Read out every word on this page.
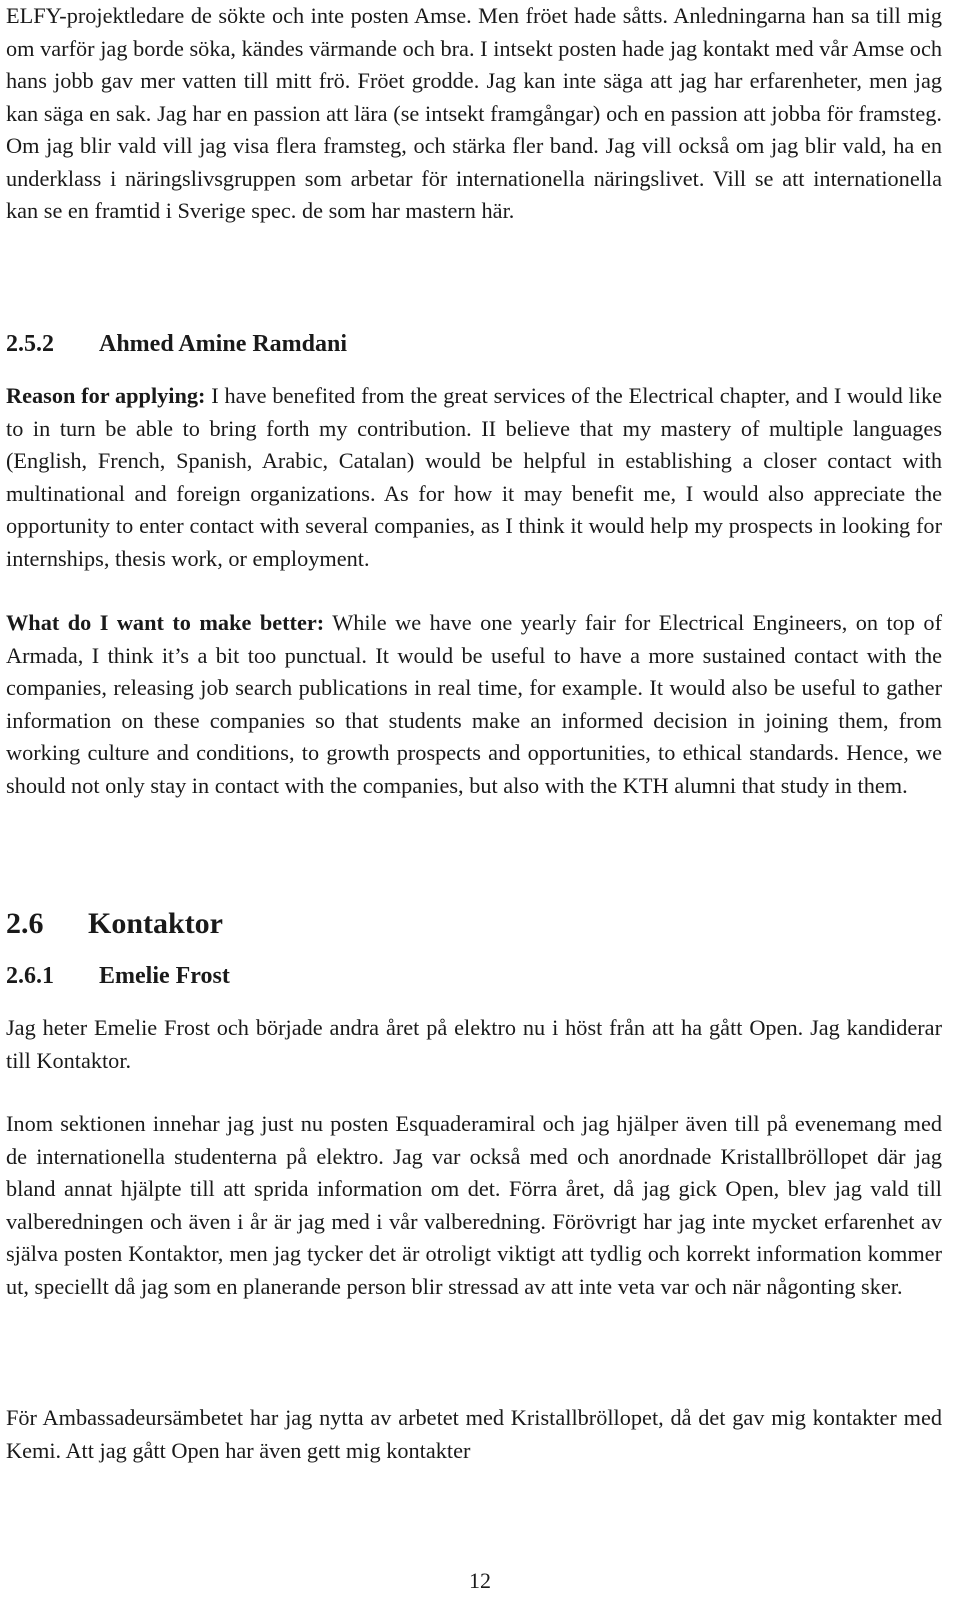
ELFY-projektledare de sökte och inte posten Amse. Men fröet hade såtts. Anledningarna han sa till mig om varför jag borde söka, kändes värmande och bra. I intsekt posten hade jag kontakt med vår Amse och hans jobb gav mer vatten till mitt frö. Fröet grodde. Jag kan inte säga att jag har erfarenheter, men jag kan säga en sak. Jag har en passion att lära (se intsekt framgångar) och en passion att jobba för framsteg. Om jag blir vald vill jag visa flera framsteg, och stärka fler band. Jag vill också om jag blir vald, ha en underklass i näringslivsgruppen som arbetar för internationella näringslivet. Vill se att internationella kan se en framtid i Sverige spec. de som har mastern här.

2.5.2 Ahmed Amine Ramdani

Reason for applying: I have benefited from the great services of the Electrical chapter, and I would like to in turn be able to bring forth my contribution. II believe that my mastery of multiple languages (English, French, Spanish, Arabic, Catalan) would be helpful in establishing a closer contact with multinational and foreign organizations. As for how it may benefit me, I would also appreciate the opportunity to enter contact with several companies, as I think it would help my prospects in looking for internships, thesis work, or employment.

What do I want to make better: While we have one yearly fair for Electrical Engineers, on top of Armada, I think it’s a bit too punctual. It would be useful to have a more sustained contact with the companies, releasing job search publications in real time, for example. It would also be useful to gather information on these companies so that students make an informed decision in joining them, from working culture and conditions, to growth prospects and opportunities, to ethical standards. Hence, we should not only stay in contact with the companies, but also with the KTH alumni that study in them.

2.6 Kontaktor
2.6.1 Emelie Frost

Jag heter Emelie Frost och började andra året på elektro nu i höst från att ha gått Open. Jag kandiderar till Kontaktor.

Inom sektionen innehar jag just nu posten Esquaderamiral och jag hjälper även till på evenemang med de internationella studenterna på elektro. Jag var också med och anordnade Kristallbröllopet där jag bland annat hjälpte till att sprida information om det. Förra året, då jag gick Open, blev jag vald till valberedningen och även i år är jag med i vår valberedning. Förövrigt har jag inte mycket erfarenhet av själva posten Kontaktor, men jag tycker det är otroligt viktigt att tydlig och korrekt information kommer ut, speciellt då jag som en planerande person blir stressad av att inte veta var och när någonting sker.

För Ambassadeursämbetet har jag nytta av arbetet med Kristallbröllopet, då det gav mig kontakter med Kemi. Att jag gått Open har även gett mig kontakter

12
